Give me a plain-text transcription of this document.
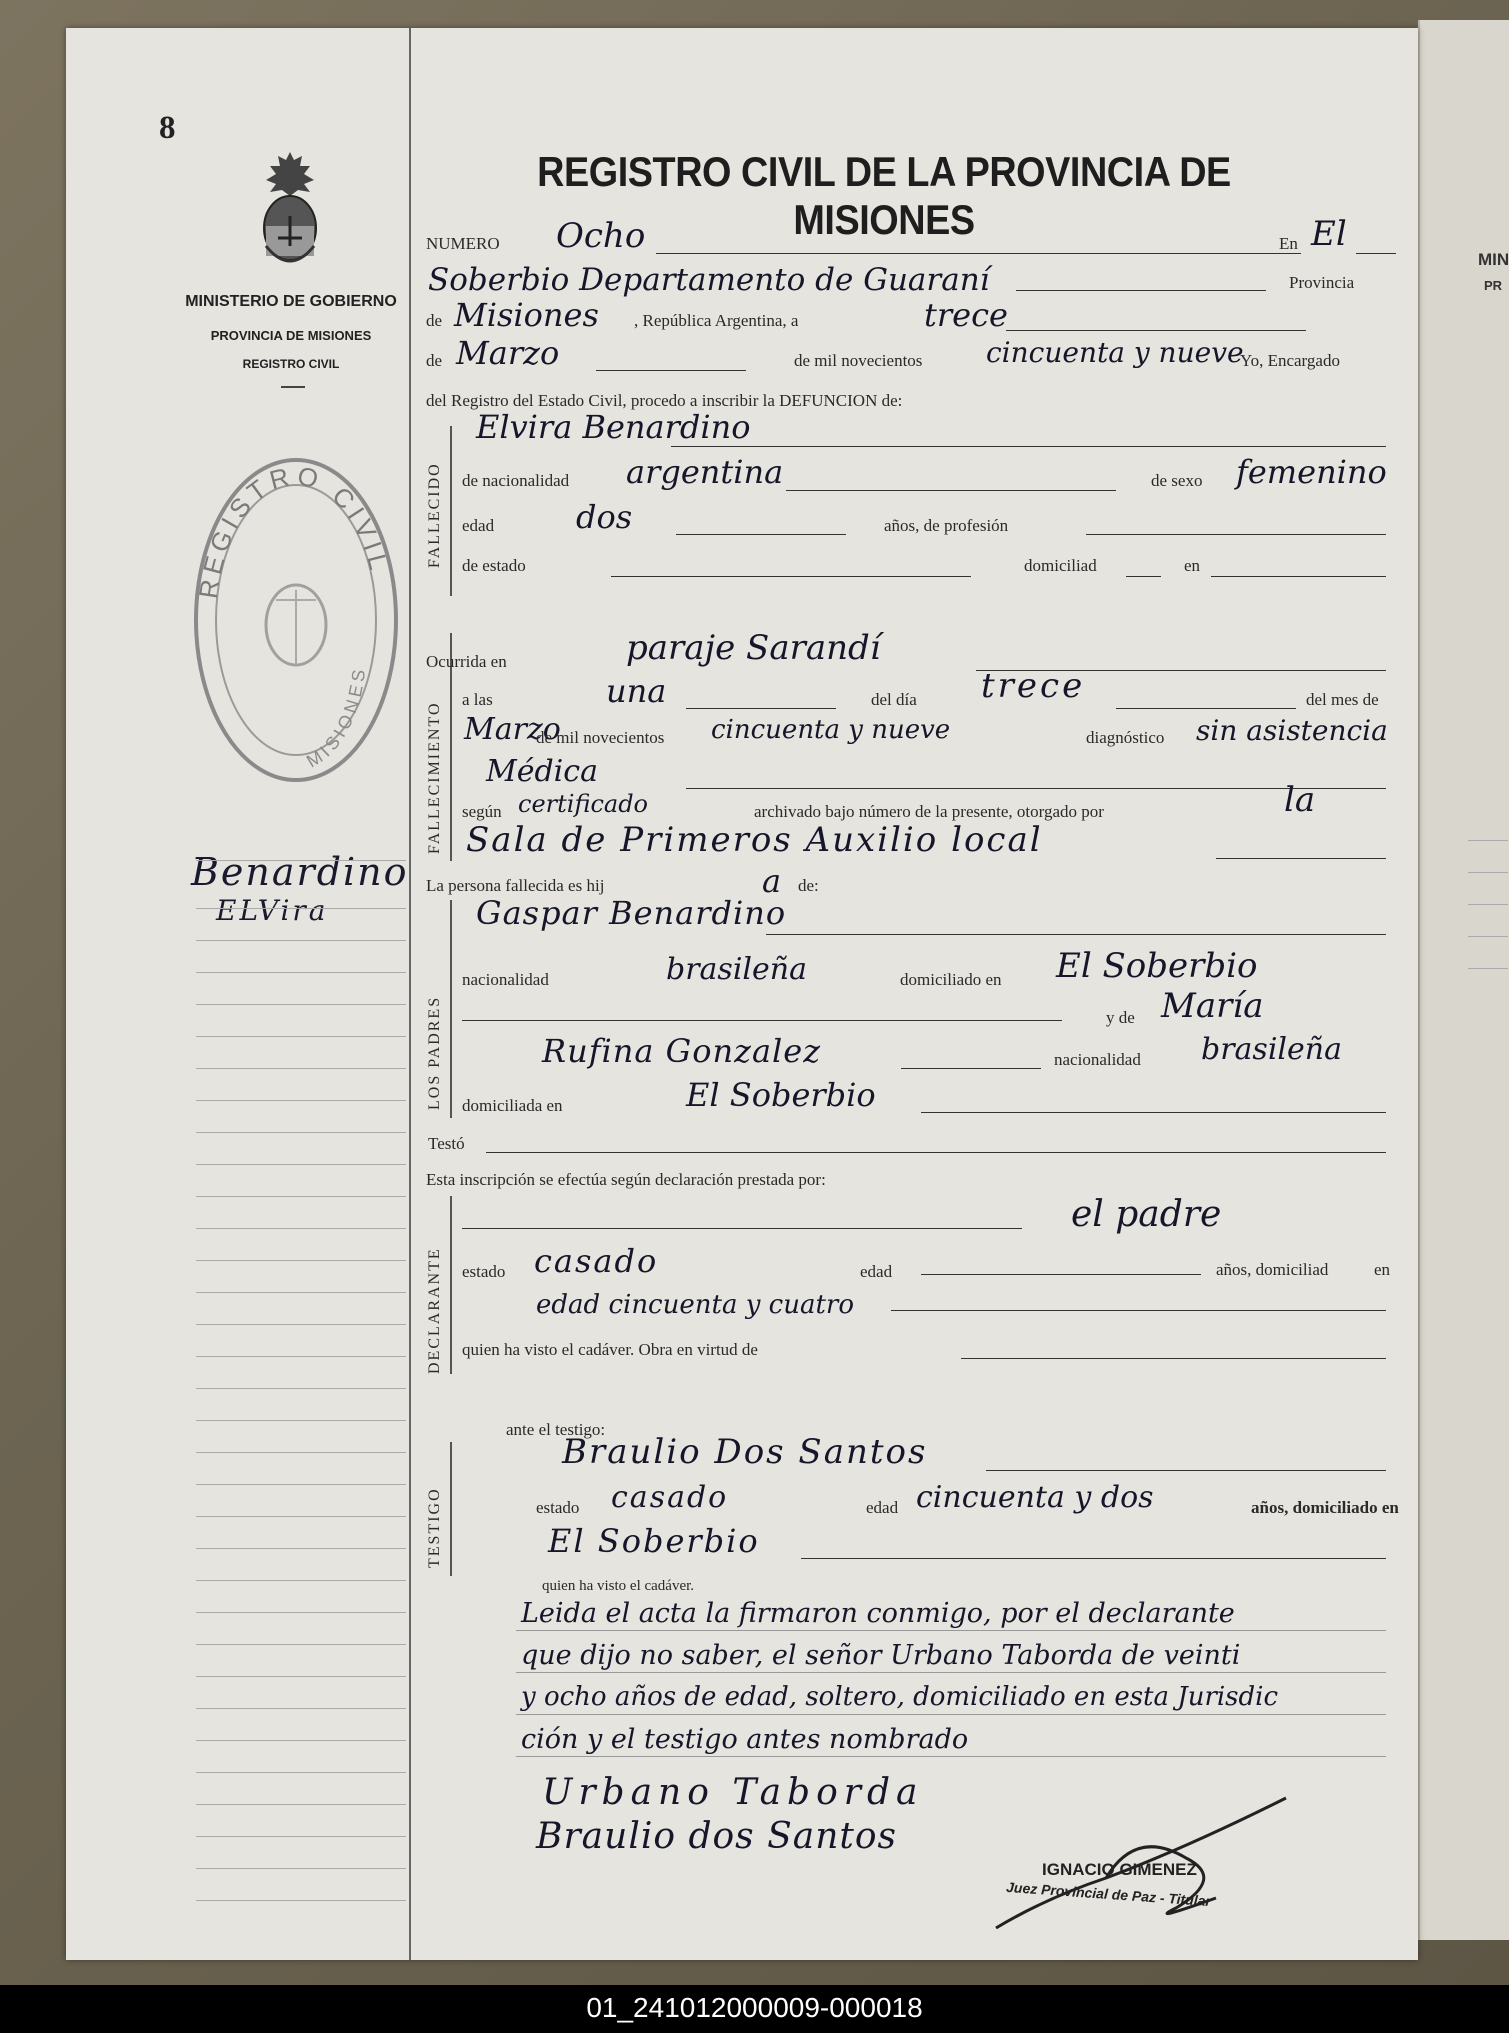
MIN
PR
8
MINISTERIO DE GOBIERNO
PROVINCIA DE MISIONES
REGISTRO CIVIL
REGISTRO CIVIL
MISIONES
Benardino
ELVira
REGISTRO CIVIL DE LA PROVINCIA DE MISIONES
NUMERO Ocho	En El
Soberbio Departamento de Guaraní	Provincia
de Misiones , República Argentina, a	trece
de Marzo	de mil novecientos cincuenta y nueve
Yo, Encargado
del Registro del Estado Civil, procedo a inscribir la DEFUNCION de:
FALLECIDO
Elvira Benardino
de nacionalidad argentina	de sexo femenino
edad	dos	años, de profesión
de estado	domiciliad	en
FALLECIMIENTO
Ocurrida en	paraje Sarandí
a las	una	del día trece	del mes de
Marzo
de mil novecientos cincuenta y nueve	diagnóstico sin asistencia
Médica
según certificado	archivado bajo número de la presente, otorgado por	la
Sala de Primeros Auxilio local
La persona fallecida es hij	a de:
LOS PADRES
Gaspar Benardino
nacionalidad	brasileña	domiciliado en El Soberbio
y de María
Rufina Gonzalez	nacionalidad brasileña
domiciliada en	El Soberbio
Testó
Esta inscripción se efectúa según declaración prestada por:
DECLARANTE
el padre
estado casado	edad	años, domiciliad	en
edad cincuenta y cuatro
quien ha visto el cadáver. Obra en virtud de
ante el testigo:
TESTIGO
Braulio Dos Santos
estado casado	edad cincuenta y dos	años, domiciliado en
El Soberbio
quien ha visto el cadáver.
Leida el acta la firmaron conmigo, por el declarante
que dijo no saber, el señor Urbano Taborda de veinti
y ocho años de edad, soltero, domiciliado en esta Jurisdic
ción y el testigo antes nombrado
Urbano Taborda
Braulio dos Santos
IGNACIO GIMENEZ
Juez Provincial de Paz - Titular
01_241012000009-000018
